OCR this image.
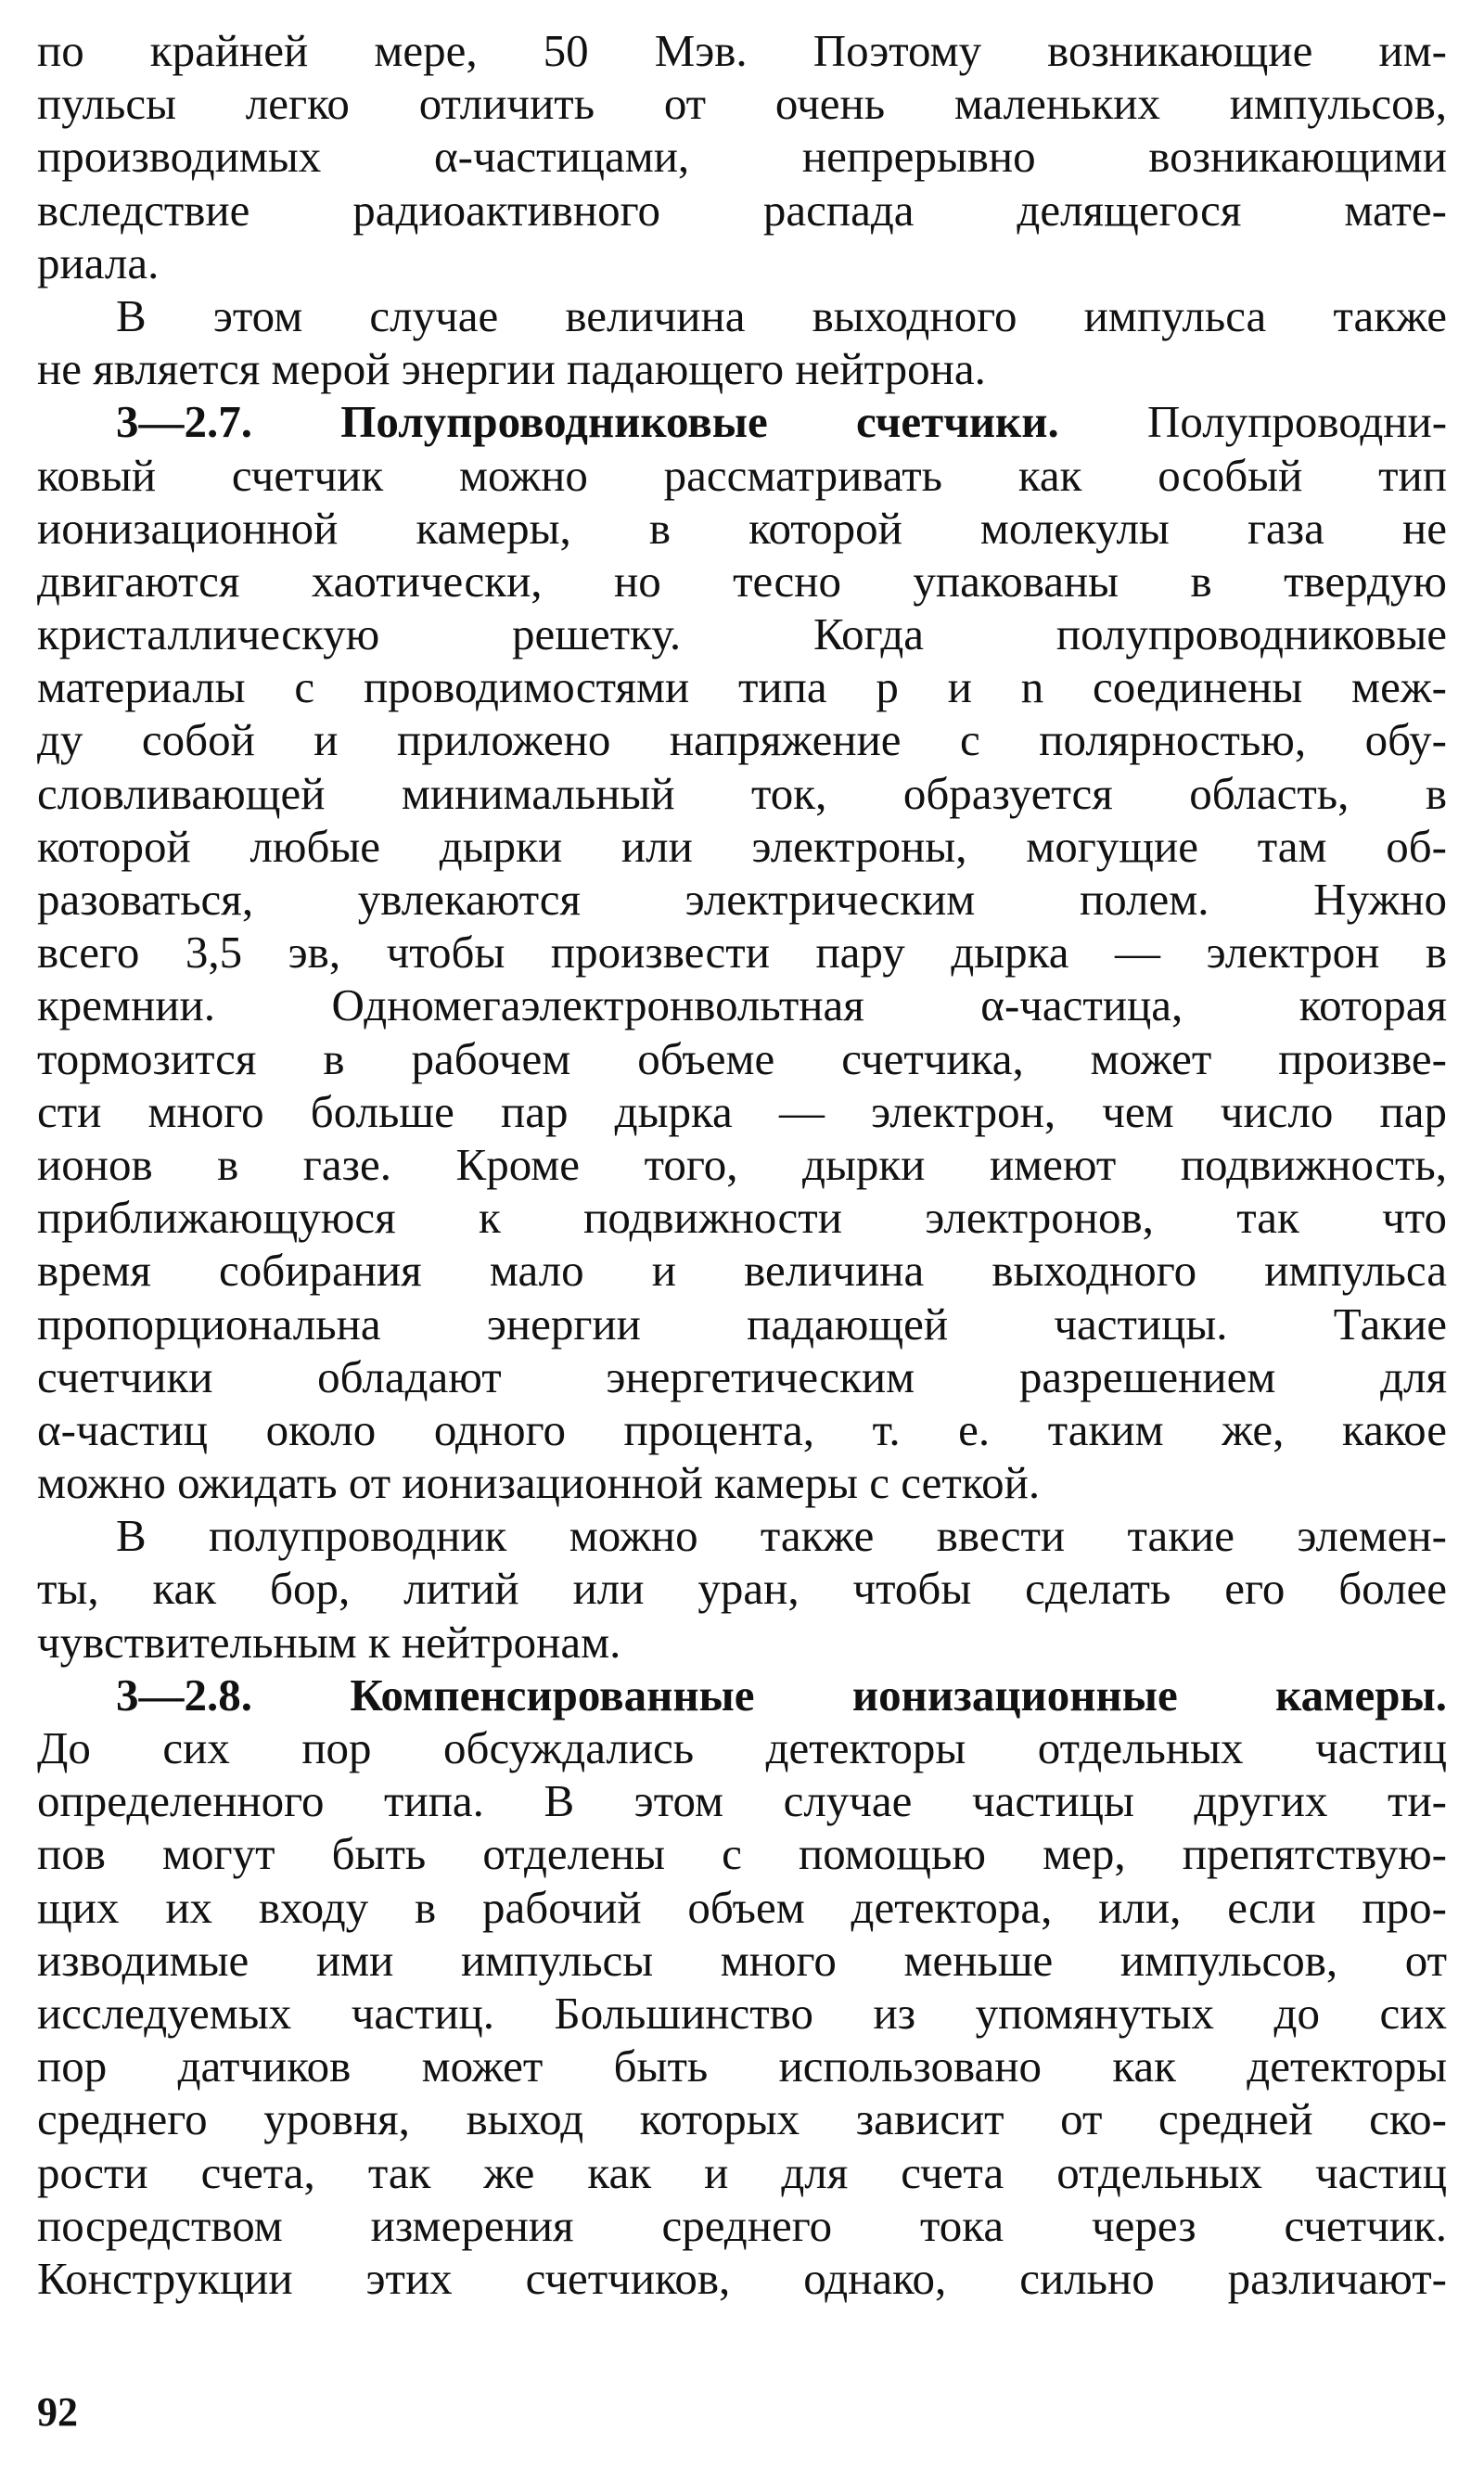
по крайней мере, 50 Мэв. Поэтому возникающие им-
пульсы легко отличить от очень маленьких импульсов,
производимых α-частицами, непрерывно возникающими
вследствие радиоактивного распада делящегося мате-
риала.
В этом случае величина выходного импульса также
не является мерой энергии падающего нейтрона.
3—2.7. Полупроводниковые счетчики. Полупроводни-
ковый счетчик можно рассматривать как особый тип
ионизационной камеры, в которой молекулы газа не
двигаются хаотически, но тесно упакованы в твердую
кристаллическую решетку. Когда полупроводниковые
материалы с проводимостями типа p и n соединены меж-
ду собой и приложено напряжение с полярностью, обу-
словливающей минимальный ток, образуется область, в
которой любые дырки или электроны, могущие там об-
разоваться, увлекаются электрическим полем. Нужно
всего 3,5 эв, чтобы произвести пару дырка — электрон в
кремнии. Одномегаэлектронвольтная α-частица, которая
тормозится в рабочем объеме счетчика, может произве-
сти много больше пар дырка — электрон, чем число пар
ионов в газе. Кроме того, дырки имеют подвижность,
приближающуюся к подвижности электронов, так что
время собирания мало и величина выходного импульса
пропорциональна энергии падающей частицы. Такие
счетчики обладают энергетическим разрешением для
α-частиц около одного процента, т. е. таким же, какое
можно ожидать от ионизационной камеры с сеткой.
В полупроводник можно также ввести такие элемен-
ты, как бор, литий или уран, чтобы сделать его более
чувствительным к нейтронам.
3—2.8. Компенсированные ионизационные камеры.
До сих пор обсуждались детекторы отдельных частиц
определенного типа. В этом случае частицы других ти-
пов могут быть отделены с помощью мер, препятствую-
щих их входу в рабочий объем детектора, или, если про-
изводимые ими импульсы много меньше импульсов, от
исследуемых частиц. Большинство из упомянутых до сих
пор датчиков может быть использовано как детекторы
среднего уровня, выход которых зависит от средней ско-
рости счета, так же как и для счета отдельных частиц
посредством измерения среднего тока через счетчик.
Конструкции этих счетчиков, однако, сильно различают-
92
